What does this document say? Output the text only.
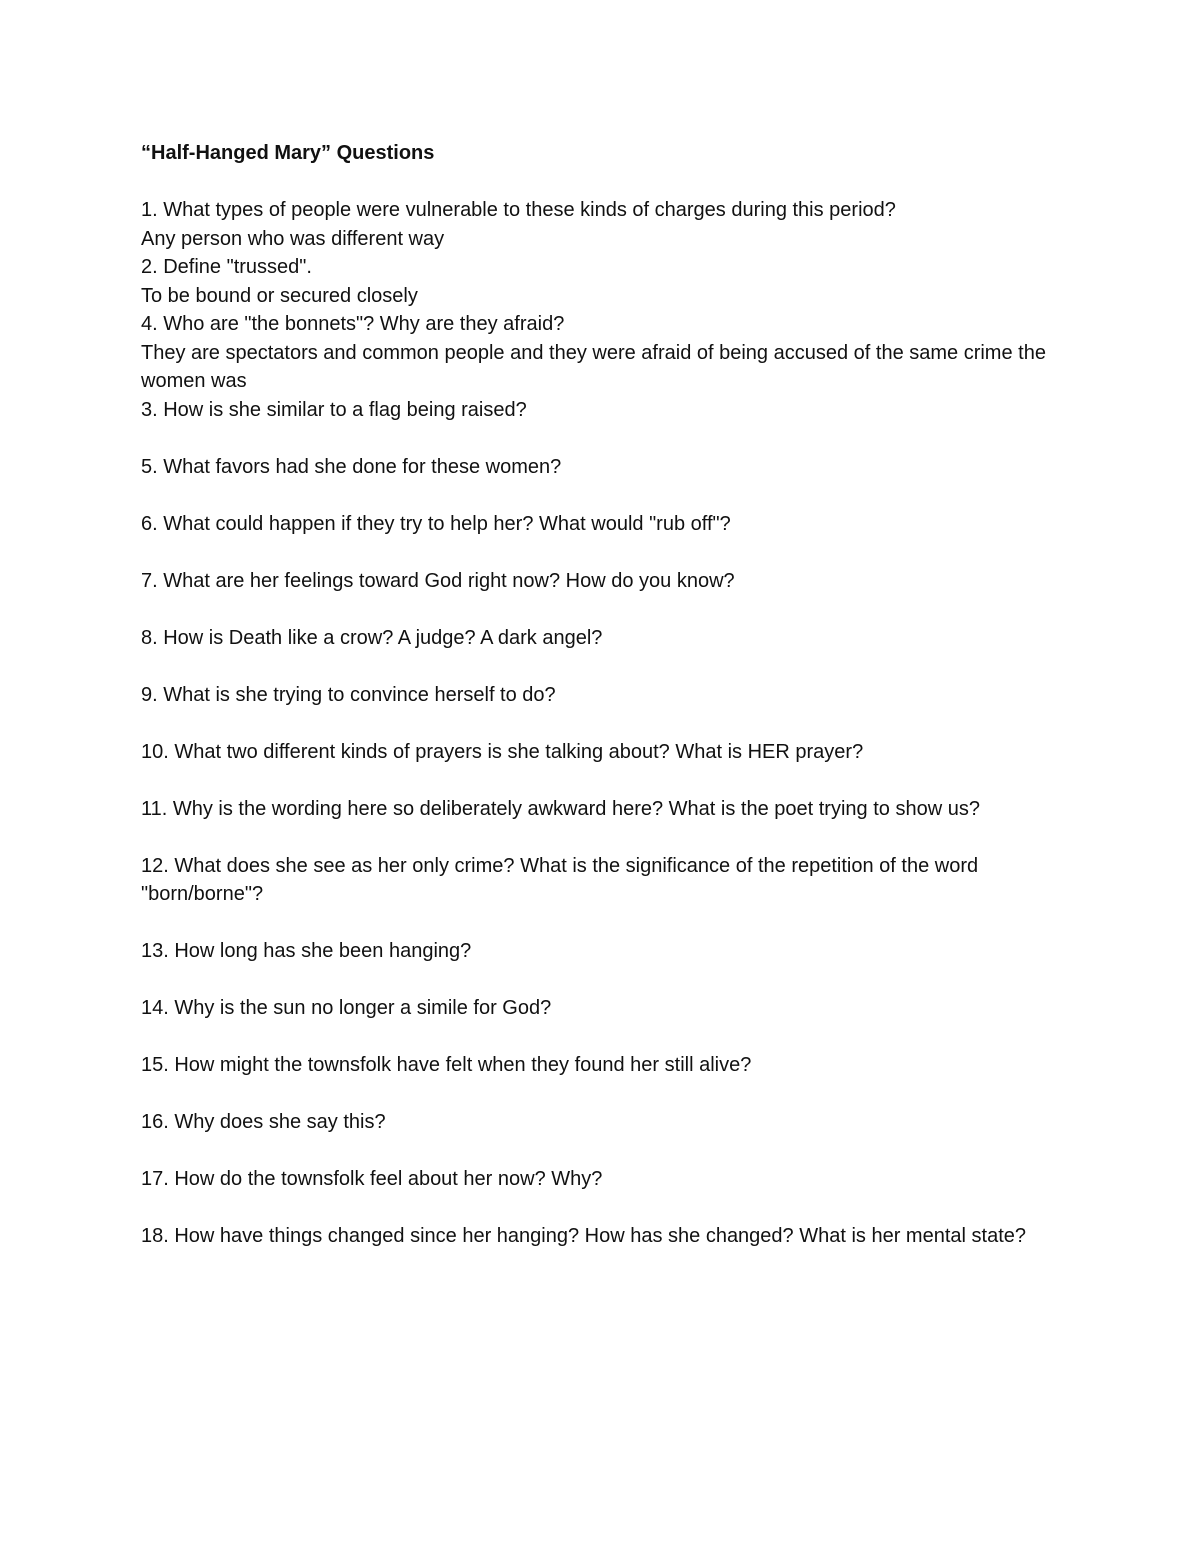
“Half-Hanged Mary” Questions

1. What types of people were vulnerable to these kinds of charges during this period?

Any person who was different way

2. Define "trussed".

To be bound or secured closely

4. Who are "the bonnets"? Why are they afraid?

They are spectators and common people and they were afraid of being accused of the same crime the women was

3. How is she similar to a flag being raised?

5. What favors had she done for these women?

6. What could happen if they try to help her? What would "rub off"?

7. What are her feelings toward God right now? How do you know?

8. How is Death like a crow? A judge? A dark angel?

9. What is she trying to convince herself to do?

10. What two different kinds of prayers is she talking about? What is HER prayer?

11. Why is the wording here so deliberately awkward here? What is the poet trying to show us?

12. What does she see as her only crime? What is the significance of the repetition of the word "born/borne"?

13. How long has she been hanging?

14. Why is the sun no longer a simile for God?

15. How might the townsfolk have felt when they found her still alive?

16. Why does she say this?

17. How do the townsfolk feel about her now? Why?

18. How have things changed since her hanging? How has she changed? What is her mental state?
